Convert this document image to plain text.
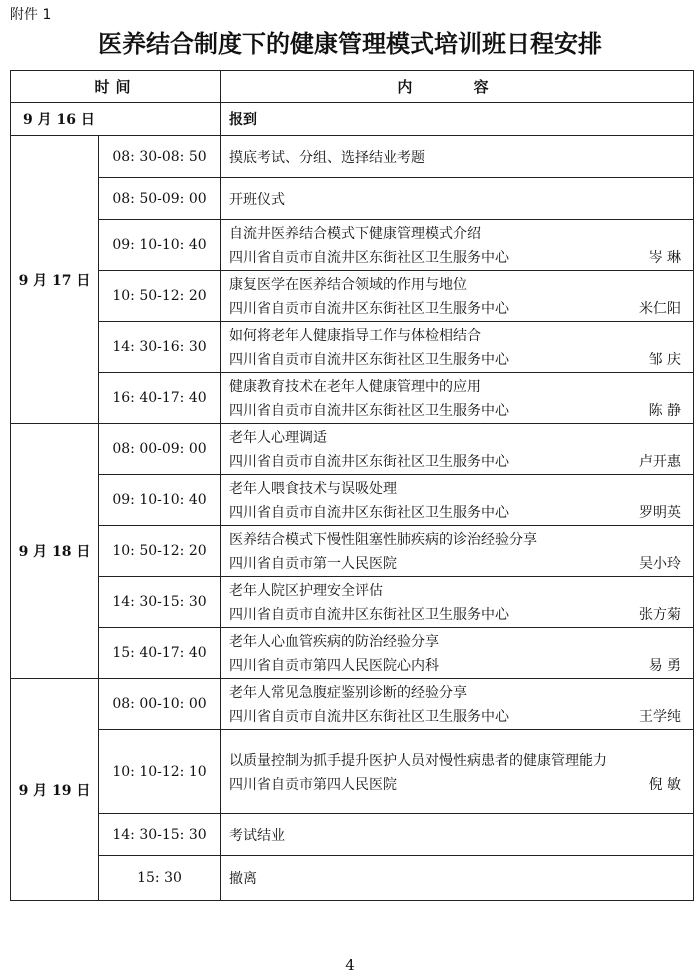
附件 1
医养结合制度下的健康管理模式培训班日程安排
时间		内 容
9 月 16 日		报到
9 月 17 日	08: 30-08: 50	摸底考试、分组、选择结业考题

	08: 50-09: 00	开班仪式

	09: 10-10: 40	自流井医养结合模式下健康管理模式介绍
四川省自贡市自流井区东街社区卫生服务中心 岑 琳

	10: 50-12: 20	康复医学在医养结合领域的作用与地位
四川省自贡市自流井区东街社区卫生服务中心 米仁阳

	14: 30-16: 30	如何将老年人健康指导工作与体检相结合
四川省自贡市自流井区东街社区卫生服务中心 邹 庆

	16: 40-17: 40	健康教育技术在老年人健康管理中的应用
四川省自贡市自流井区东街社区卫生服务中心 陈 静

9 月 18 日	08: 00-09: 00	老年人心理调适
四川省自贡市自流井区东街社区卫生服务中心 卢开惠

	09: 10-10: 40	老年人喂食技术与误吸处理
四川省自贡市自流井区东街社区卫生服务中心 罗明英

	10: 50-12: 20	医养结合模式下慢性阻塞性肺疾病的诊治经验分享
四川省自贡市第一人民医院 吴小玲

	14: 30-15: 30	老年人院区护理安全评估
四川省自贡市自流井区东街社区卫生服务中心 张方菊

	15: 40-17: 40	老年人心血管疾病的防治经验分享
四川省自贡市第四人民医院心内科 易 勇

9 月 19 日	08: 00-10: 00	老年人常见急腹症鉴别诊断的经验分享
四川省自贡市自流井区东街社区卫生服务中心 王学纯

	10: 10-12: 10	以质量控制为抓手提升医护人员对慢性病患者的健康管理能力
四川省自贡市第四人民医院 倪 敏

	14: 30-15: 30	考试结业

	15: 30	撤离
4
